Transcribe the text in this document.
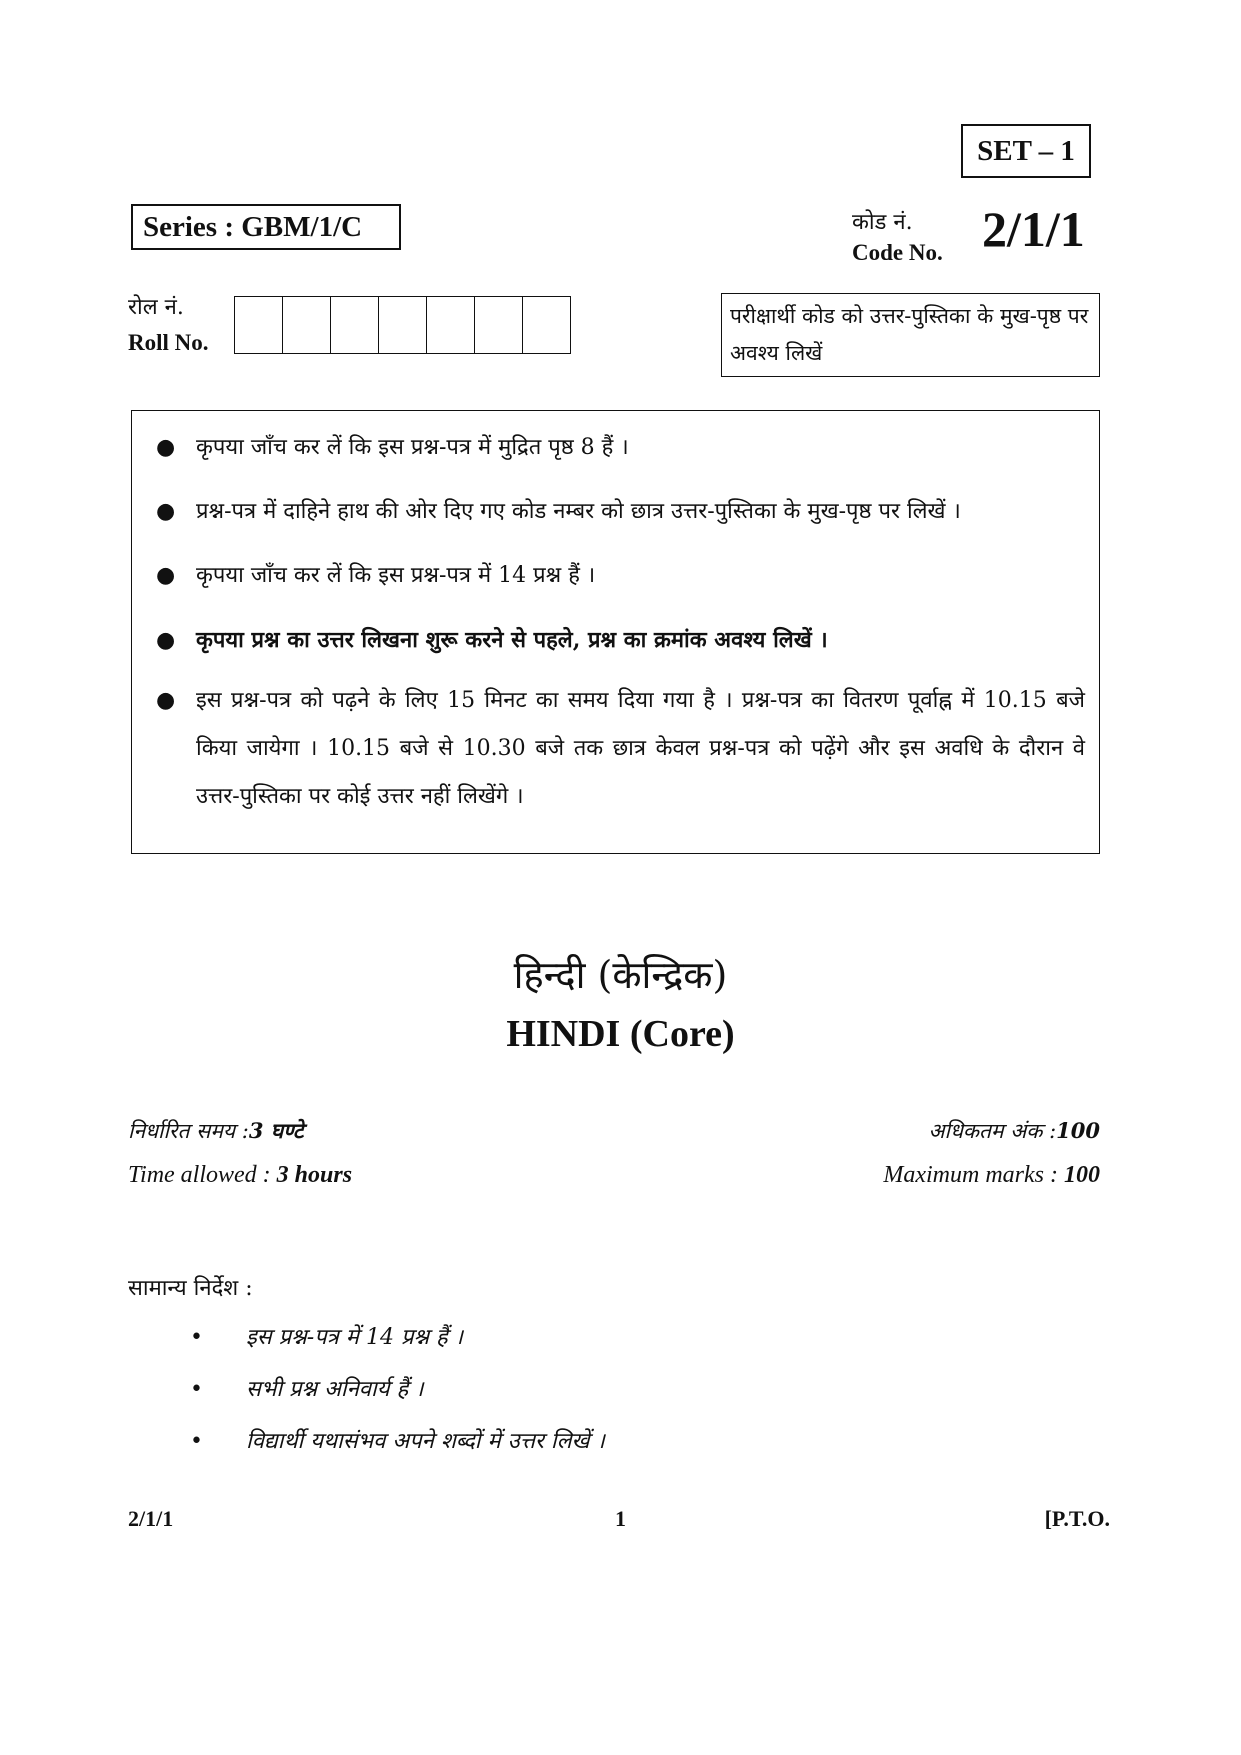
SET – 1
Series : GBM/1/C	कोड नं.
Code No. 2/1/1
रोल नं.
Roll No.
परीक्षार्थी कोड को उत्तर-पुस्तिका के मुख-पृष्ठ पर अवश्य लिखें
● कृपया जाँच कर लें कि इस प्रश्न-पत्र में मुद्रित पृष्ठ 8 हैं ।
● प्रश्न-पत्र में दाहिने हाथ की ओर दिए गए कोड नम्बर को छात्र उत्तर-पुस्तिका के मुख-पृष्ठ पर लिखें ।
● कृपया जाँच कर लें कि इस प्रश्न-पत्र में 14 प्रश्न हैं ।
● कृपया प्रश्न का उत्तर लिखना शुरू करने से पहले, प्रश्न का क्रमांक अवश्य लिखें ।
● इस प्रश्न-पत्र को पढ़ने के लिए 15 मिनट का समय दिया गया है । प्रश्न-पत्र का वितरण पूर्वाह्न में 10.15 बजे किया जायेगा । 10.15 बजे से 10.30 बजे तक छात्र केवल प्रश्न-पत्र को पढ़ेंगे और इस अवधि के दौरान वे उत्तर-पुस्तिका पर कोई उत्तर नहीं लिखेंगे ।
हिन्दी (केन्द्रिक)
HINDI (Core)
निर्धारित समय :3 घण्टे
Time allowed : 3 hours
अधिकतम अंक :100
Maximum marks : 100
सामान्य निर्देश :
• इस प्रश्न-पत्र में 14 प्रश्न हैं ।
• सभी प्रश्न अनिवार्य हैं ।
• विद्यार्थी यथासंभव अपने शब्दों में उत्तर लिखें ।
2/1/1	1	[P.T.O.
